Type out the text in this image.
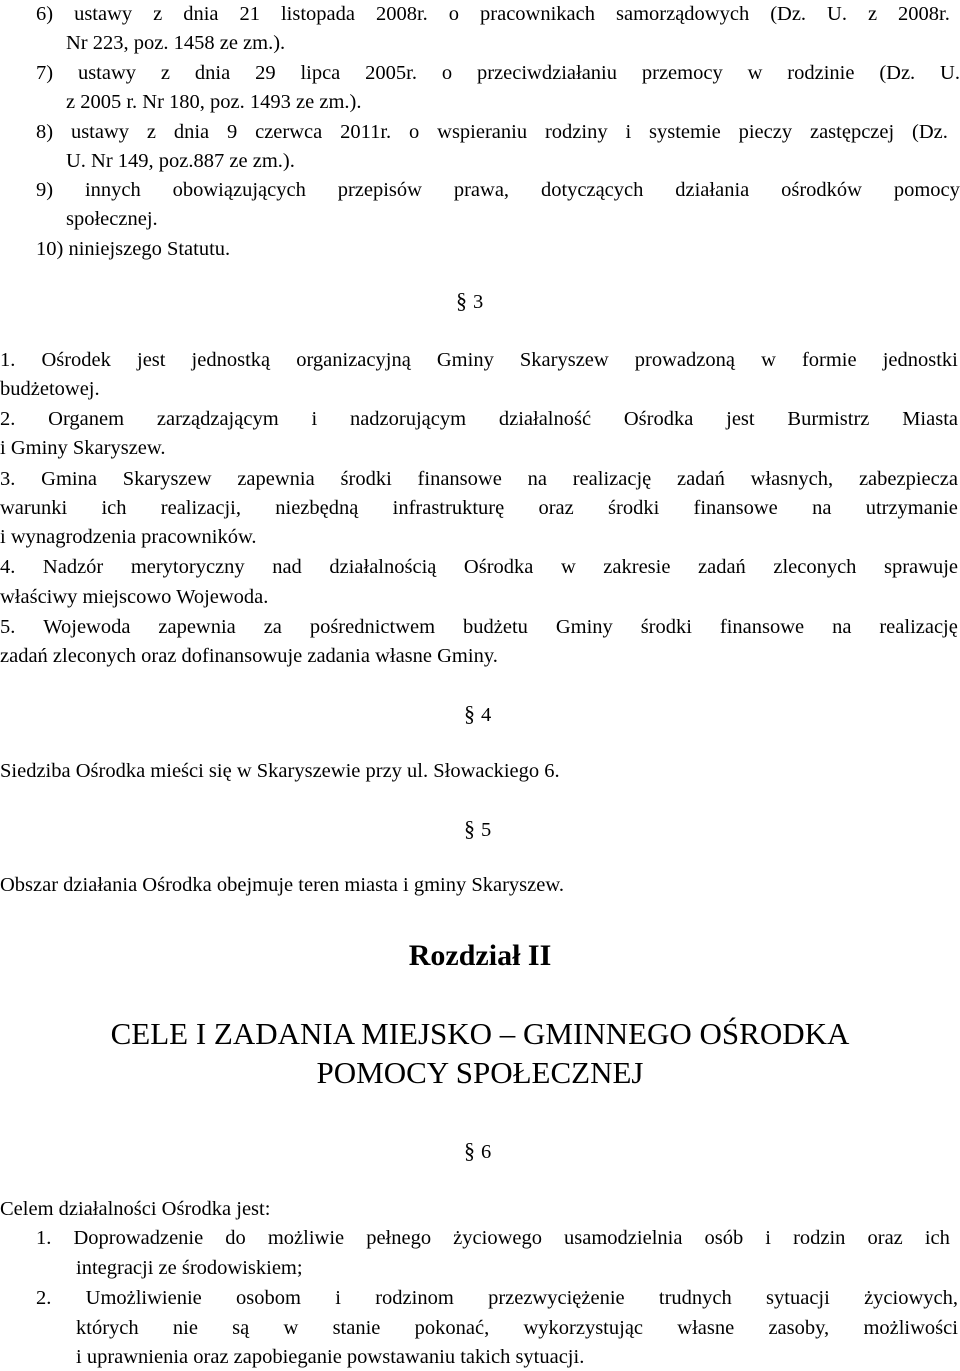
6) ustawy z dnia 21 listopada 2008r. o pracownikach samorządowych (Dz. U. z 2008r.
Nr 223, poz. 1458 ze zm.).
7) ustawy z dnia 29 lipca 2005r. o przeciwdziałaniu przemocy w rodzinie (Dz. U.
z 2005 r. Nr 180, poz. 1493 ze zm.).
8) ustawy z dnia 9 czerwca 2011r. o wspieraniu rodziny i systemie pieczy zastępczej (Dz.
U. Nr 149, poz.887 ze zm.).
9) innych obowiązujących przepisów prawa, dotyczących działania ośrodków pomocy
społecznej.
10) niniejszego Statutu.
§ 3
1. Ośrodek jest jednostką organizacyjną Gminy Skaryszew prowadzoną w formie jednostki
budżetowej.
2. Organem zarządzającym i nadzorującym działalność Ośrodka jest Burmistrz Miasta
i Gminy Skaryszew.
3. Gmina Skaryszew zapewnia środki finansowe na realizację zadań własnych, zabezpiecza
warunki ich realizacji, niezbędną infrastrukturę oraz środki finansowe na utrzymanie
i wynagrodzenia pracowników.
4. Nadzór merytoryczny nad działalnością Ośrodka w zakresie zadań zleconych sprawuje
właściwy miejscowo Wojewoda.
5. Wojewoda zapewnia za pośrednictwem budżetu Gminy środki finansowe na realizację
zadań zleconych oraz dofinansowuje zadania własne Gminy.
§ 4
Siedziba Ośrodka mieści się w Skaryszewie przy ul. Słowackiego 6.
§ 5
Obszar działania Ośrodka obejmuje teren miasta i gminy Skaryszew.
Rozdział II
CELE I ZADANIA MIEJSKO – GMINNEGO OŚRODKA
POMOCY SPOŁECZNEJ
§ 6
Celem działalności Ośrodka jest:
1. Doprowadzenie do możliwie pełnego życiowego usamodzielnia osób i rodzin oraz ich
integracji ze środowiskiem;
2. Umożliwienie osobom i rodzinom przezwyciężenie trudnych sytuacji życiowych,
których nie są w stanie pokonać, wykorzystując własne zasoby, możliwości
i uprawnienia oraz zapobieganie powstawaniu takich sytuacji.
